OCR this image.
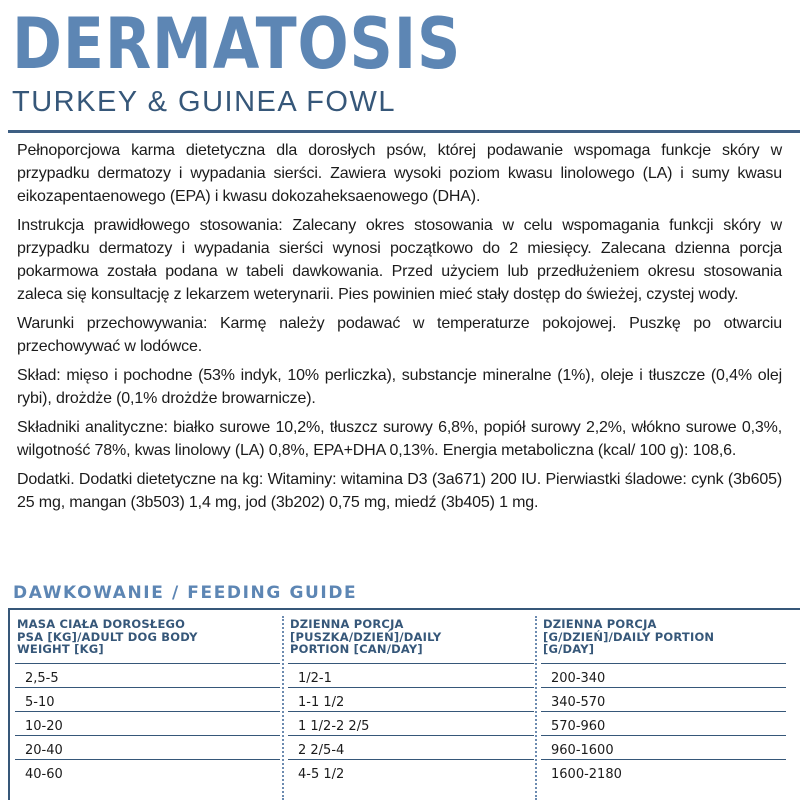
DERMATOSIS
TURKEY & GUINEA FOWL

Pełnoporcjowa karma dietetyczna dla dorosłych psów, której podawanie wspomaga funkcje skóry w przypadku dermatozy i wypadania sierści. Zawiera wysoki poziom kwasu linolowego (LA) i sumy kwasu eikozapentaenowego (EPA) i kwasu dokozaheksaenowego (DHA).

Instrukcja prawidłowego stosowania: Zalecany okres stosowania w celu wspomagania funkcji skóry w przypadku dermatozy i wypadania sierści wynosi początkowo do 2 miesięcy. Zalecana dzienna porcja pokarmowa została podana w tabeli dawkowania. Przed użyciem lub przedłużeniem okresu stosowania zaleca się konsultację z lekarzem weterynarii. Pies powinien mieć stały dostęp do świeżej, czystej wody.

Warunki przechowywania: Karmę należy podawać w temperaturze pokojowej. Puszkę po otwarciu przechowywać w lodówce.

Skład: mięso i pochodne (53% indyk, 10% perliczka), substancje mineralne (1%), oleje i tłuszcze (0,4% olej rybi), drożdże (0,1% drożdże browarnicze).

Składniki analityczne: białko surowe 10,2%, tłuszcz surowy 6,8%, popiół surowy 2,2%, włókno surowe 0,3%, wilgotność 78%, kwas linolowy (LA) 0,8%, EPA+DHA 0,13%. Energia metaboliczna (kcal/ 100 g): 108,6.

Dodatki. Dodatki dietetyczne na kg: Witaminy: witamina D3 (3a671) 200 IU. Pierwiastki śladowe: cynk (3b605) 25 mg, mangan (3b503) 1,4 mg, jod (3b202) 0,75 mg, miedź (3b405) 1 mg.

DAWKOWANIE / FEEDING GUIDE
MASA CIAŁA DOROSŁEGO
PSA [KG]/ADULT DOG BODY
WEIGHT [KG]
2,5-5
5-10
10-20
20-40
40-60
DZIENNA PORCJA
[PUSZKA/DZIEŃ]/DAILY
PORTION [CAN/DAY]
1/2-1
1-1 1/2
1 1/2-2 2/5
2 2/5-4
4-5 1/2
DZIENNA PORCJA
[G/DZIEŃ]/DAILY PORTION
[G/DAY]
200-340
340-570
570-960
960-1600
1600-2180
